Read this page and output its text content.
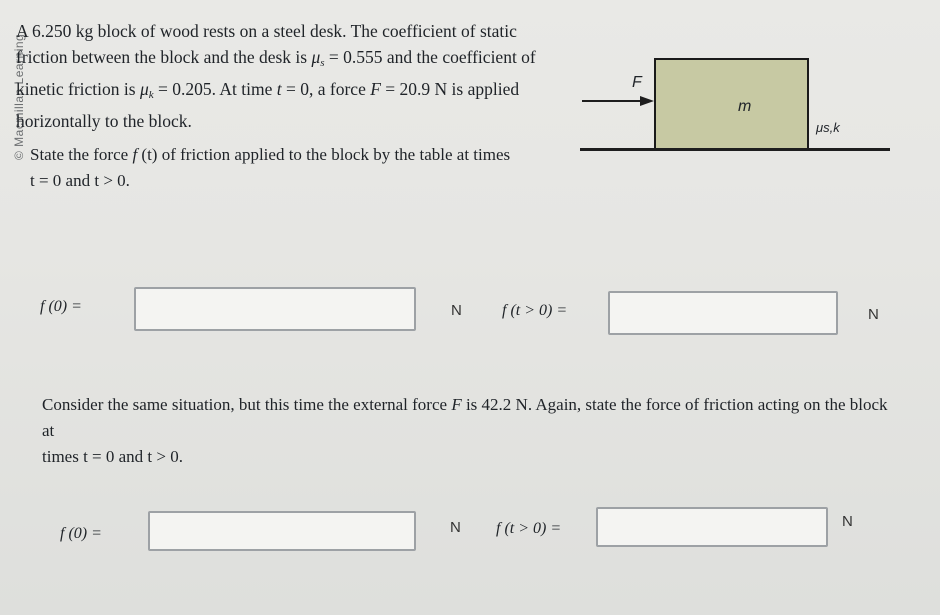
© Macmillan Learning

A 6.250 kg block of wood rests on a steel desk. The coefficient of static

friction between the block and the desk is $\mu_s = 0.555$ and the coefficient of

kinetic friction is $\mu_k = 0.205$. At time t = 0, a force F = 20.9 N is applied

horizontally to the block.

F
m
μs,k

State the force f (t) of friction applied to the block by the table at times

t = 0 and t > 0.

f (0) =	N	f (t > 0) =	N

Consider the same situation, but this time the external force F is 42.2 N. Again, state the force of friction acting on the block at

times t = 0 and t > 0.

f (0) =	N f (t > 0) =	N
